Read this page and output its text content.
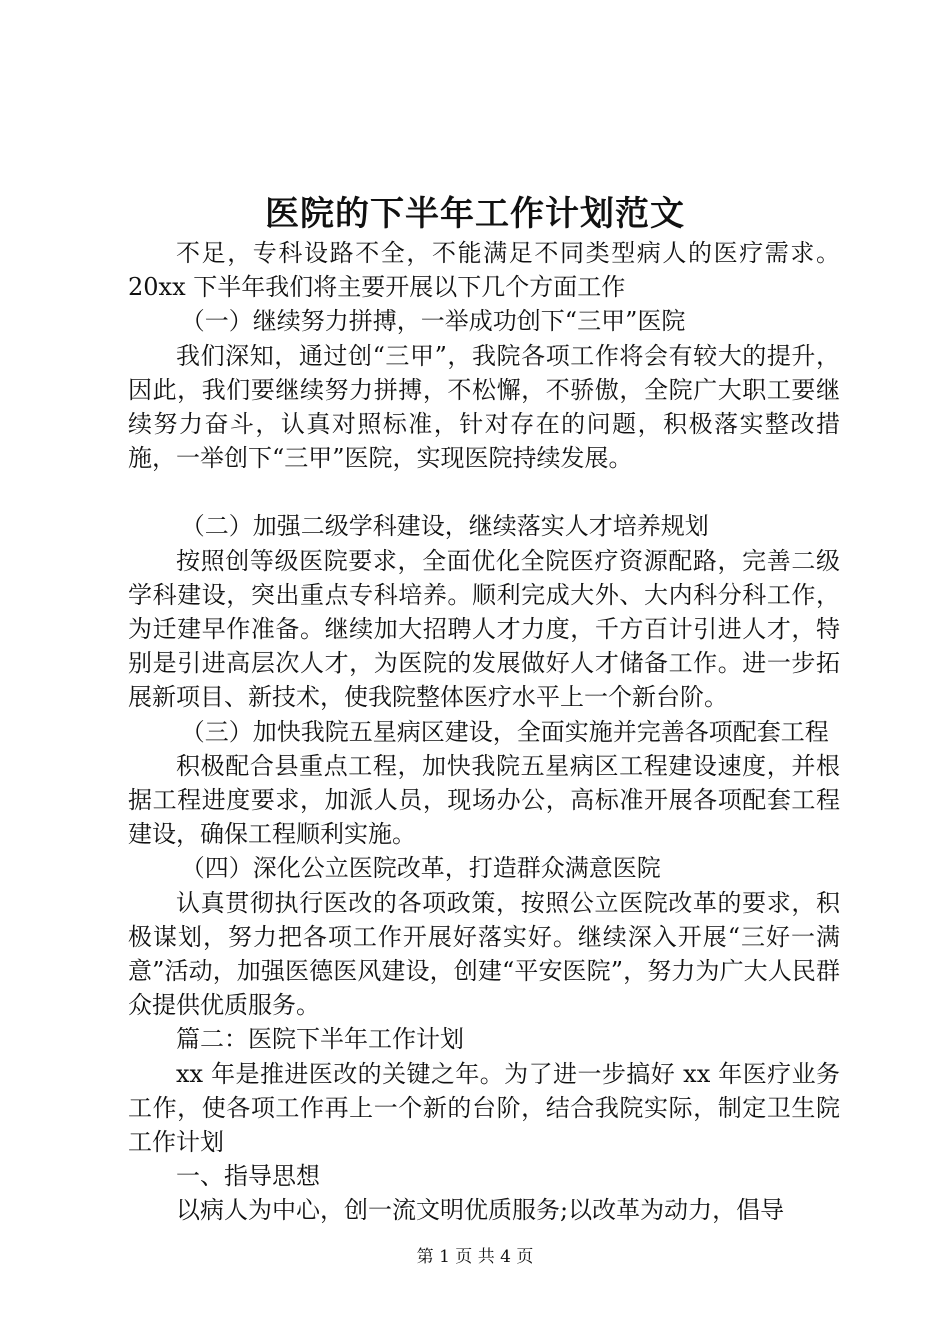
医院的下半年工作计划范文

不足，专科设路不全，不能满足不同类型病人的医疗需求。20xx 下半年我们将主要开展以下几个方面工作

（一）继续努力拼搏，一举成功创下“三甲”医院

我们深知，通过创“三甲”，我院各项工作将会有较大的提升，因此，我们要继续努力拼搏，不松懈，不骄傲，全院广大职工要继续努力奋斗，认真对照标准，针对存在的问题，积极落实整改措施，一举创下“三甲”医院，实现医院持续发展。

（二）加强二级学科建设，继续落实人才培养规划

按照创等级医院要求，全面优化全院医疗资源配路，完善二级学科建设，突出重点专科培养。顺利完成大外、大内科分科工作，为迁建早作准备。继续加大招聘人才力度，千方百计引进人才，特别是引进高层次人才，为医院的发展做好人才储备工作。进一步拓展新项目、新技术，使我院整体医疗水平上一个新台阶。

（三）加快我院五星病区建设，全面实施并完善各项配套工程

积极配合县重点工程，加快我院五星病区工程建设速度，并根据工程进度要求，加派人员，现场办公，高标准开展各项配套工程建设，确保工程顺利实施。

（四）深化公立医院改革，打造群众满意医院

认真贯彻执行医改的各项政策，按照公立医院改革的要求，积极谋划，努力把各项工作开展好落实好。继续深入开展“三好一满意”活动，加强医德医风建设，创建“平安医院”，努力为广大人民群众提供优质服务。

篇二：医院下半年工作计划

xx 年是推进医改的关键之年。为了进一步搞好 xx 年医疗业务工作，使各项工作再上一个新的台阶，结合我院实际，制定卫生院工作计划

一、指导思想

以病人为中心，创一流文明优质服务;以改革为动力，倡导

第 1 页 共 4 页
